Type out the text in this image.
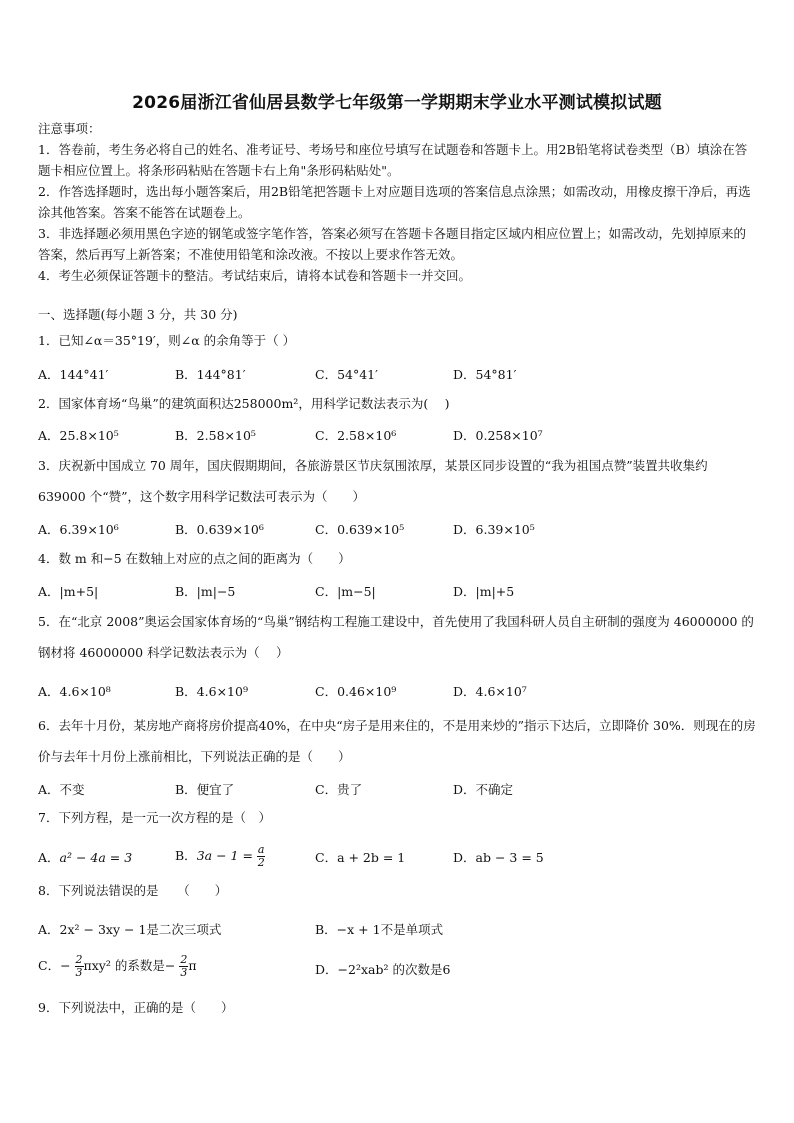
2026届浙江省仙居县数学七年级第一学期期末学业水平测试模拟试题
注意事项：
1．答卷前，考生务必将自己的姓名、准考证号、考场号和座位号填写在试题卷和答题卡上。用2B铅笔将试卷类型（B）填涂在答题卡相应位置上。将条形码粘贴在答题卡右上角"条形码粘贴处"。
2．作答选择题时，选出每小题答案后，用2B铅笔把答题卡上对应题目选项的答案信息点涂黑；如需改动，用橡皮擦干净后，再选涂其他答案。答案不能答在试题卷上。
3．非选择题必须用黑色字迹的钢笔或签字笔作答，答案必须写在答题卡各题目指定区域内相应位置上；如需改动，先划掉原来的答案，然后再写上新答案；不准使用铅笔和涂改液。不按以上要求作答无效。
4．考生必须保证答题卡的整洁。考试结束后，请将本试卷和答题卡一并交回。
一、选择题(每小题 3 分，共 30 分)
1．已知∠α＝35°19′，则∠α 的余角等于（ ）
A．144°41′	B．144°81′	C．54°41′	D．54°81′
2．国家体育场“鸟巢”的建筑面积达258000m²，用科学记数法表示为(　 )
A．25.8×10⁵	B．2.58×10⁵	C．2.58×10⁶	D．0.258×10⁷
3．庆祝新中国成立 70 周年，国庆假期期间，各旅游景区节庆氛围浓厚，某景区同步设置的“我为祖国点赞”装置共收集约 639000 个“赞”，这个数字用科学记数法可表示为（　　）
A．6.39×10⁶	B．0.639×10⁶	C．0.639×10⁵	D．6.39×10⁵
4．数 m 和−5 在数轴上对应的点之间的距离为（　　）
A．|m+5|	B．|m|−5	C．|m−5|	D．|m|+5
5．在“北京 2008”奥运会国家体育场的“鸟巢”钢结构工程施工建设中，首先使用了我国科研人员自主研制的强度为 46000000 的钢材将 46000000 科学记数法表示为（　 ）
A．4.6×10⁸	B．4.6×10⁹	C．0.46×10⁹	D．4.6×10⁷
6．去年十月份，某房地产商将房价提高40%，在中央“房子是用来住的，不是用来炒的”指示下达后，立即降价 30%．则现在的房价与去年十月份上涨前相比，下列说法正确的是（　　）
A．不变	B．便宜了	C．贵了	D．不确定
7．下列方程，是一元一次方程的是（　）
A．a² − 4a = 3	B．$3a - 1 = \frac{a}{2}$	C．a + 2b = 1	D．ab − 3 = 5
8．下列说法错误的是　　（　　）
A．2x² − 3xy − 1是二次三项式	B．−x + 1不是单项式
C．− $\frac{2}{3} \pi xy^2$ 的系数是− $\frac{2}{3}$ π	D．−2²xab² 的次数是6
9．下列说法中，正确的是（　　）
